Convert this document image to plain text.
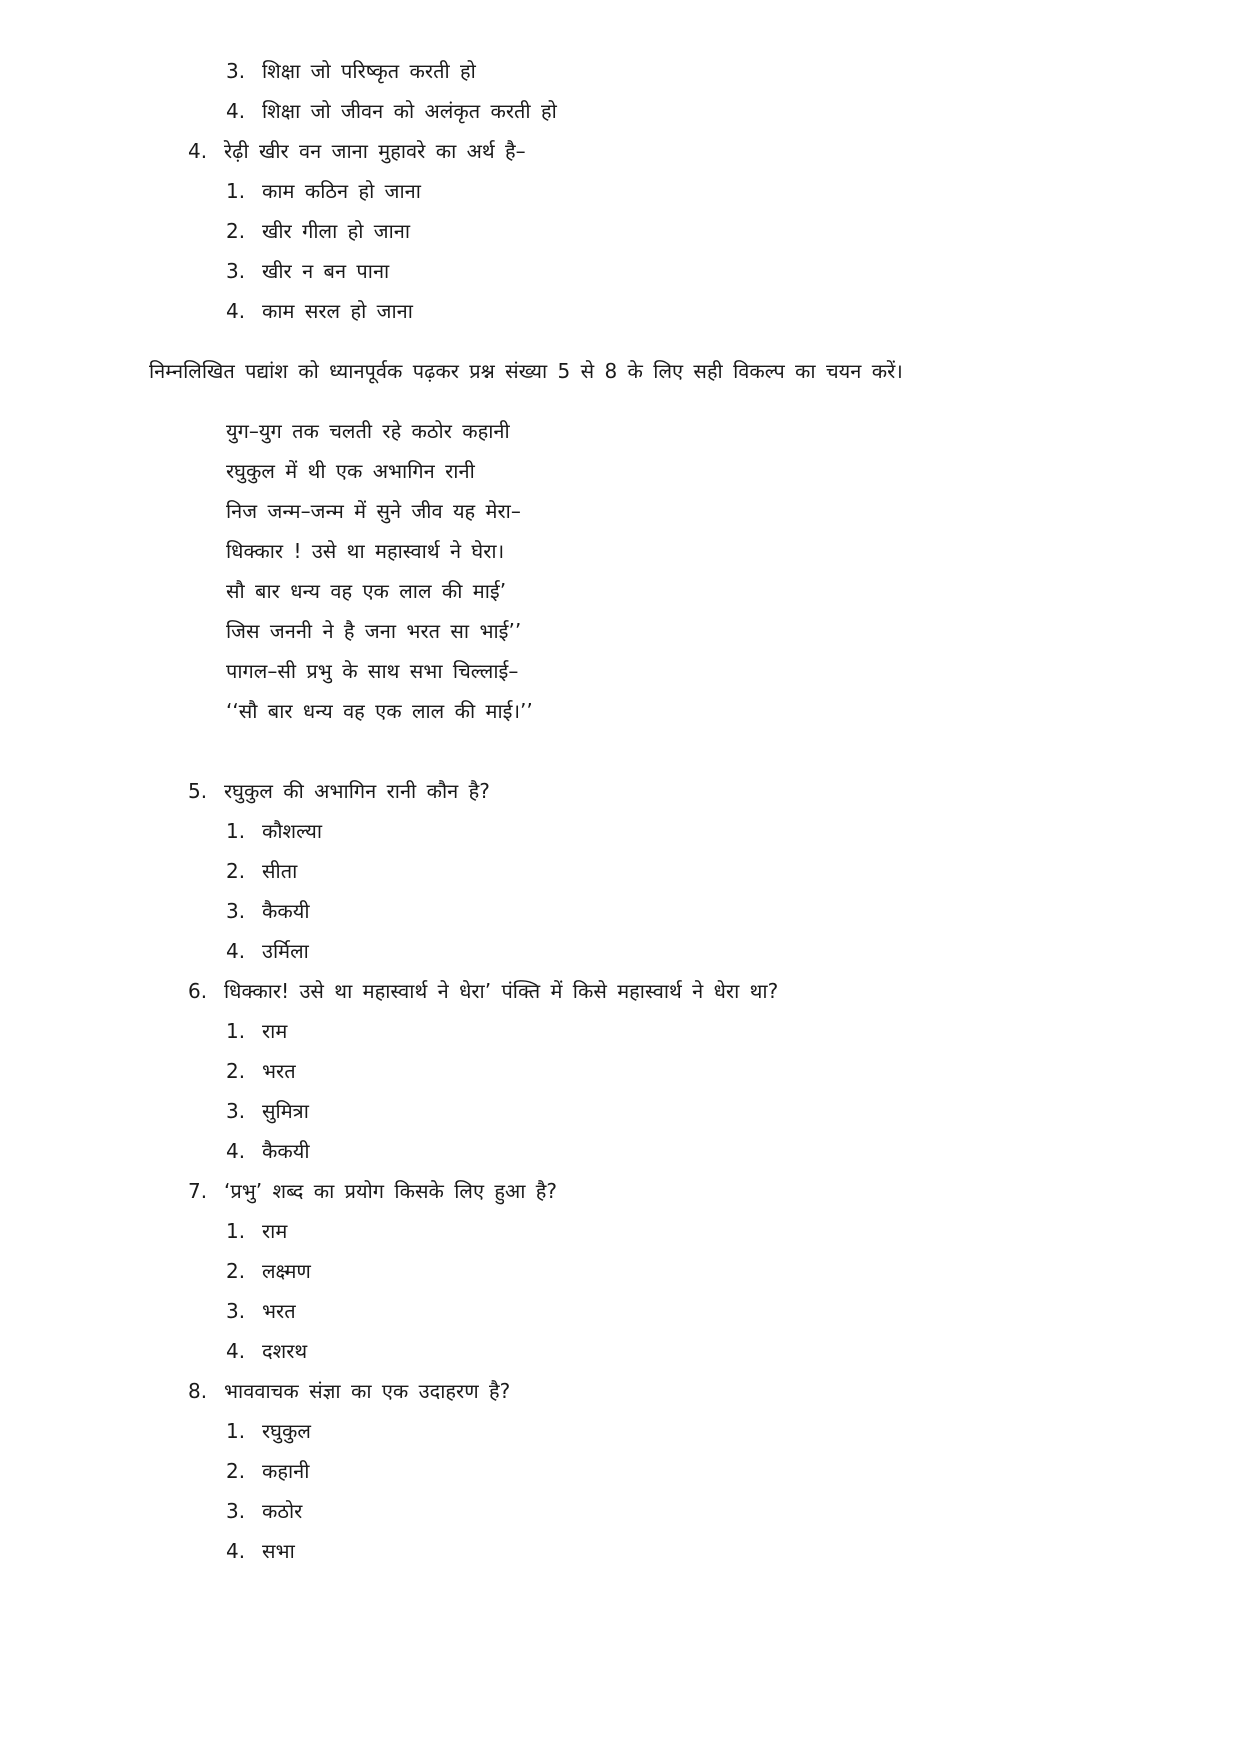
3. शिक्षा जो परिष्कृत करती हो
4. शिक्षा जो जीवन को अलंकृत करती हो
4. रेढ़ी खीर वन जाना मुहावरे का अर्थ है–
1. काम कठिन हो जाना
2. खीर गीला हो जाना
3. खीर न बन पाना
4. काम सरल हो जाना
निम्नलिखित पद्यांश को ध्यानपूर्वक पढ़कर प्रश्न संख्या 5 से 8 के लिए सही विकल्प का चयन करें।
युग–युग तक चलती रहे कठोर कहानी
रघुकुल में थी एक अभागिन रानी
निज जन्म–जन्म में सुने जीव यह मेरा–
धिक्कार ! उसे था महास्वार्थ ने घेरा।
सौ बार धन्य वह एक लाल की माई’
जिस जननी ने है जना भरत सा भाई’’
पागल–सी प्रभु के साथ सभा चिल्लाई–
‘‘सौ बार धन्य वह एक लाल की माई।’’
5. रघुकुल की अभागिन रानी कौन है?
1. कौशल्या
2. सीता
3. कैकयी
4. उर्मिला
6. धिक्कार! उसे था महास्वार्थ ने धेरा’ पंक्ति में किसे महास्वार्थ ने धेरा था?
1. राम
2. भरत
3. सुमित्रा
4. कैकयी
7. ‘प्रभु’ शब्द का प्रयोग किसके लिए हुआ है?
1. राम
2. लक्ष्मण
3. भरत
4. दशरथ
8. भाववाचक संज्ञा का एक उदाहरण है?
1. रघुकुल
2. कहानी
3. कठोर
4. सभा
